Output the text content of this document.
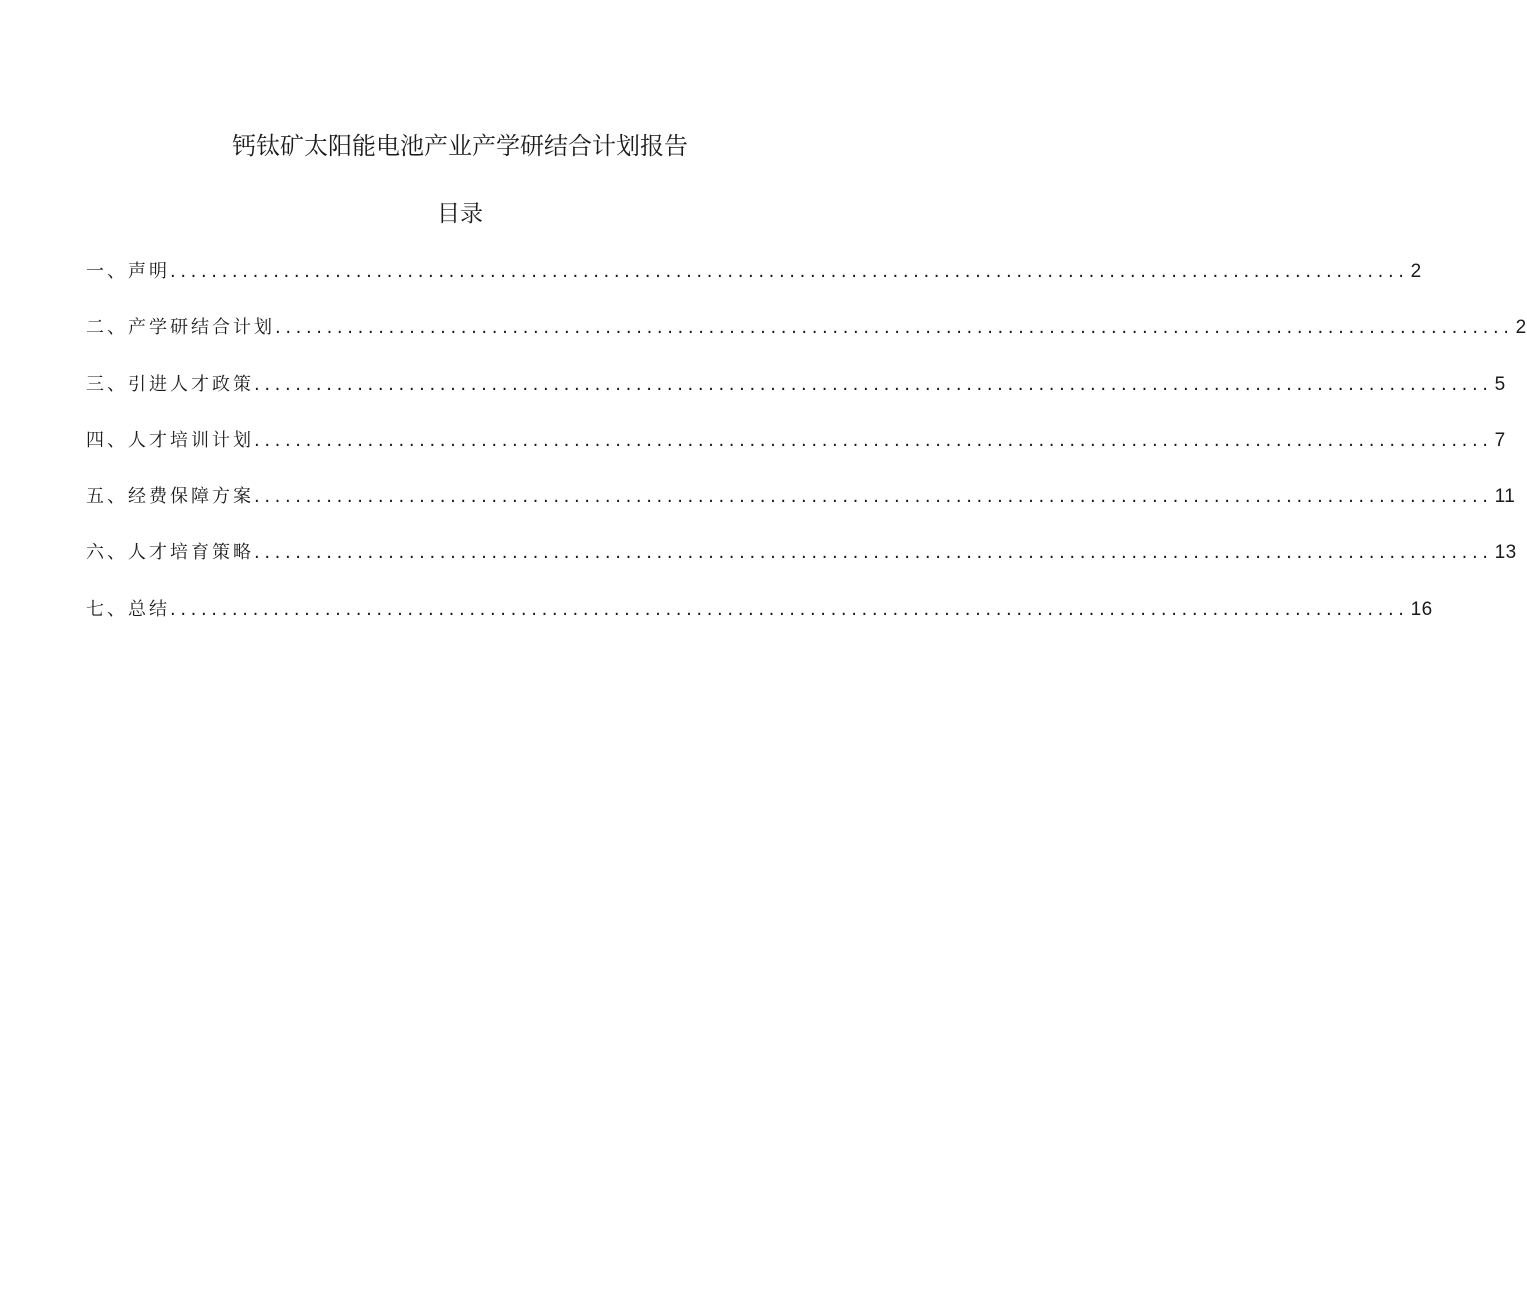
钙钛矿太阳能电池产业产学研结合计划报告
目录
一、 声明 ........................................................................................................................ 2
二、 产学研结合计划 ........................................................................................................................ 2
三、 引进人才政策 ........................................................................................................................ 5
四、 人才培训计划 ........................................................................................................................ 7
五、 经费保障方案 ........................................................................................................................ 11
六、 人才培育策略 ........................................................................................................................ 13
七、 总结 ........................................................................................................................ 16
